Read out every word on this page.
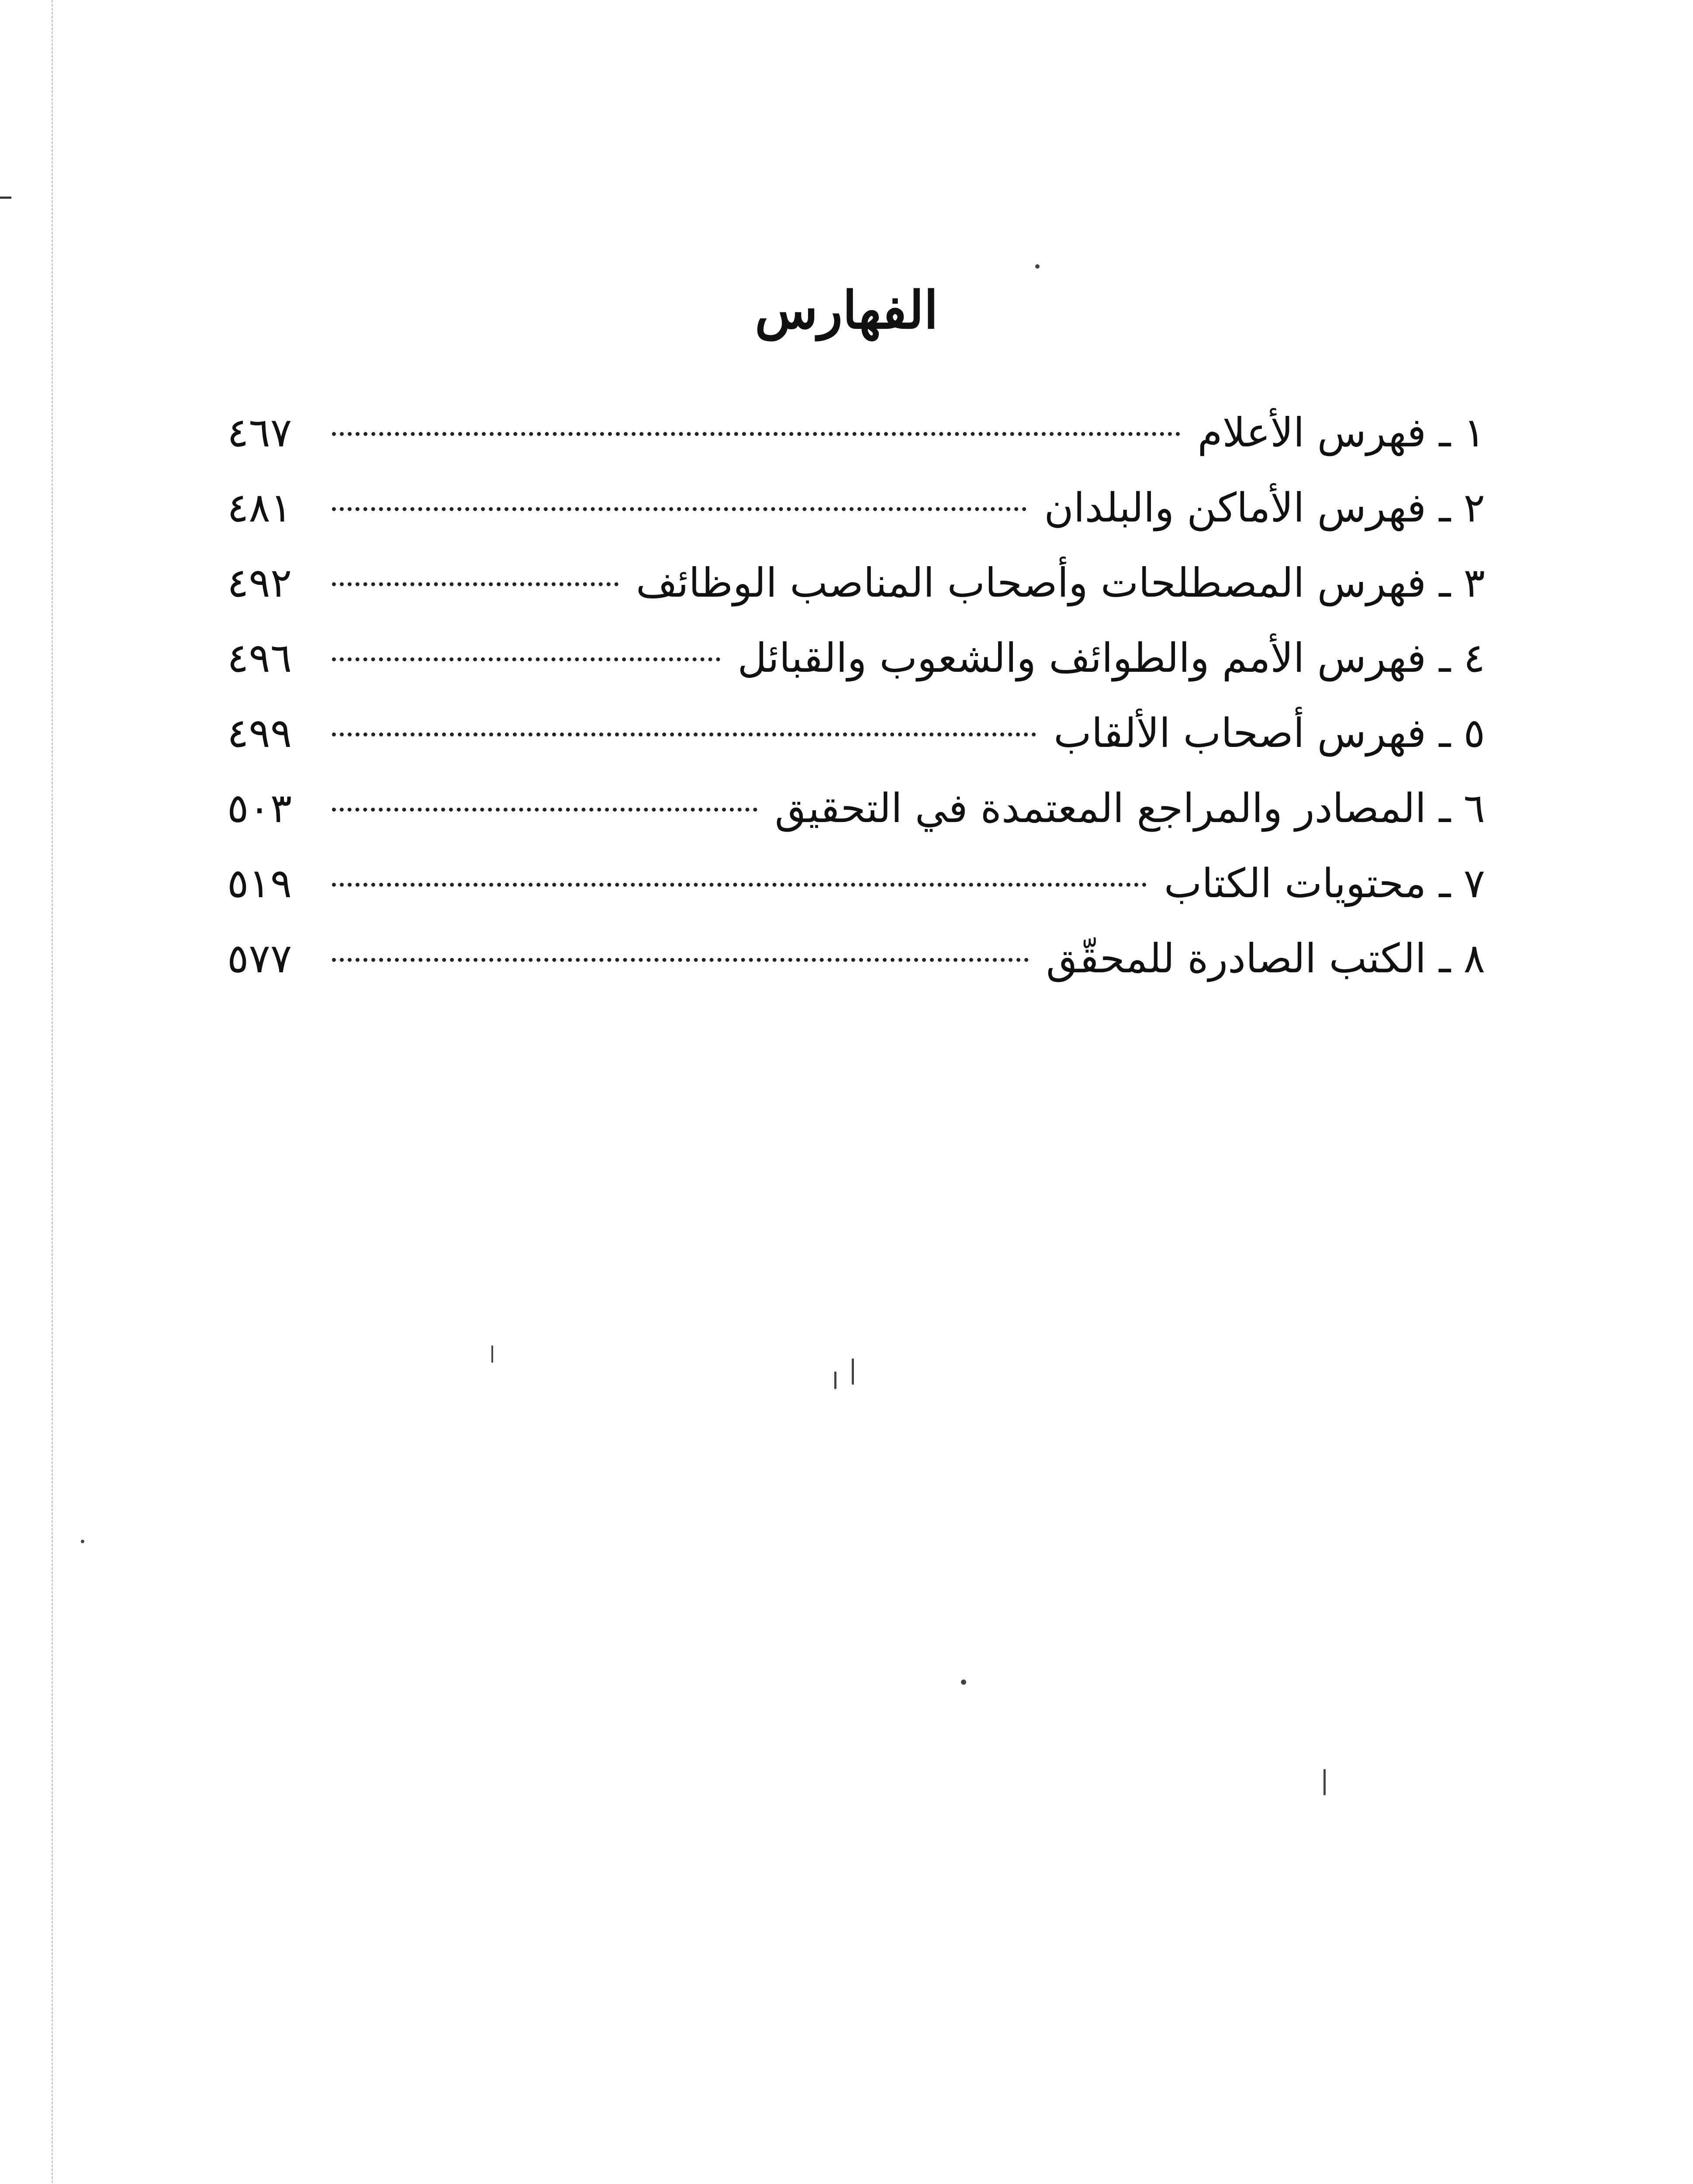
الفهارس
١ ـ فهرس الأعلام
٤٦٧
٢ ـ فهرس الأماكن والبلدان
٤٨١
٣ ـ فهرس المصطلحات وأصحاب المناصب الوظائف
٤٩٢
٤ ـ فهرس الأمم والطوائف والشعوب والقبائل
٤٩٦
٥ ـ فهرس أصحاب الألقاب
٤٩٩
٦ ـ المصادر والمراجع المعتمدة في التحقيق
٥٠٣
٧ ـ محتويات الكتاب
٥١٩
٨ ـ الكتب الصادرة للمحقّق
٥٧٧
